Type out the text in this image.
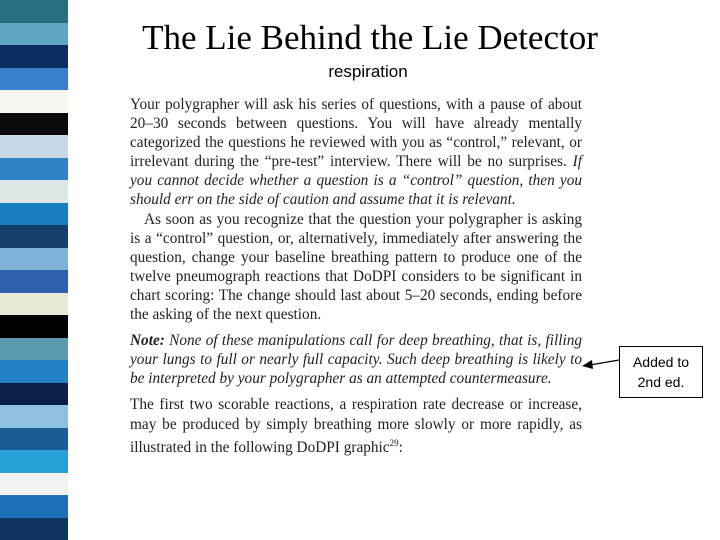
The Lie Behind the Lie Detector
respiration

Your polygrapher will ask his series of questions, with a pause of about 20–30 seconds between questions. You will have already mentally categorized the questions he reviewed with you as “control,” relevant, or irrelevant during the “pre-test” interview. There will be no surprises. If you cannot decide whether a question is a “control” question, then you should err on the side of caution and assume that it is relevant.

As soon as you recognize that the question your polygrapher is asking is a “control” question, or, alternatively, immediately after answering the question, change your baseline breathing pattern to produce one of the twelve pneumograph reactions that DoDPI considers to be significant in chart scoring: The change should last about 5–20 seconds, ending before the asking of the next question.

Note: None of these manipulations call for deep breathing, that is, filling your lungs to full or nearly full capacity. Such deep breathing is likely to be interpreted by your polygrapher as an attempted countermeasure.

The first two scorable reactions, a respiration rate decrease or increase, may be produced by simply breathing more slowly or more rapidly, as illustrated in the following DoDPI graphic$^{29}$:

Added to
2nd ed.
